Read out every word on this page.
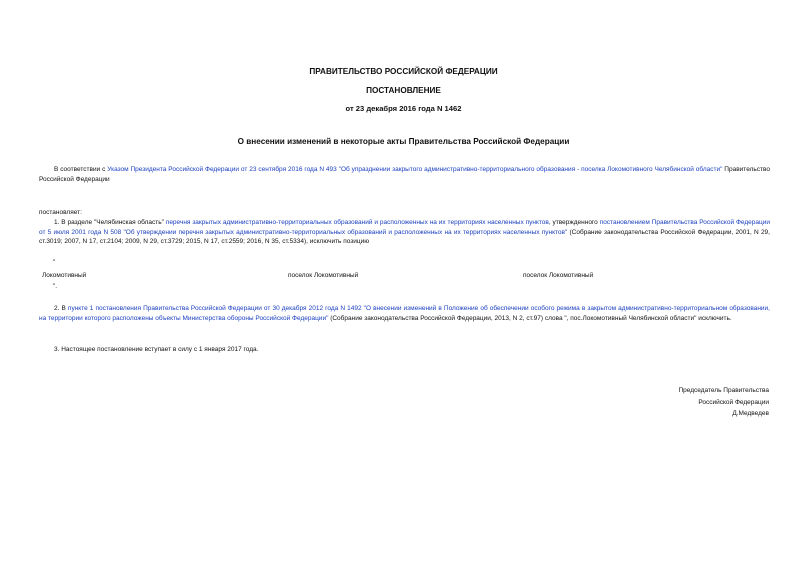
ПРАВИТЕЛЬСТВО РОССИЙСКОЙ ФЕДЕРАЦИИ
ПОСТАНОВЛЕНИЕ
от 23 декабря 2016 года N 1462
О внесении изменений в некоторые акты Правительства Российской Федерации
В соответствии с Указом Президента Российской Федерации от 23 сентября 2016 года N 493 "Об упразднении закрытого административно-территориального образования - поселка Локомотивного Челябинской области" Правительство Российской Федерации
постановляет:
1. В разделе "Челябинская область" перечня закрытых административно-территориальных образований и расположенных на их территориях населенных пунктов, утвержденного постановлением Правительства Российской Федерации от 5 июля 2001 года N 508 "Об утверждении перечня закрытых административно-территориальных образований и расположенных на их территориях населенных пунктов" (Собрание законодательства Российской Федерации, 2001, N 29, ст.3019; 2007, N 17, ст.2104; 2009, N 29, ст.3729; 2015, N 17, ст.2559; 2016, N 35, ст.5334), исключить позицию
"
Локомотивный	поселок Локомотивный	поселок Локомотивный
".
2. В пункте 1 постановления Правительства Российской Федерации от 30 декабря 2012 года N 1492 "О внесении изменений в Положение об обеспечении особого режима в закрытом административно-территориальном образовании, на территории которого расположены объекты Министерства обороны Российской Федерации" (Собрание законодательства Российской Федерации, 2013, N 2, ст.97) слова ", пос.Локомотивный Челябинской области" исключить.
3. Настоящее постановление вступает в силу с 1 января 2017 года.
Председатель Правительства
Российской Федерации
Д.Медведев
